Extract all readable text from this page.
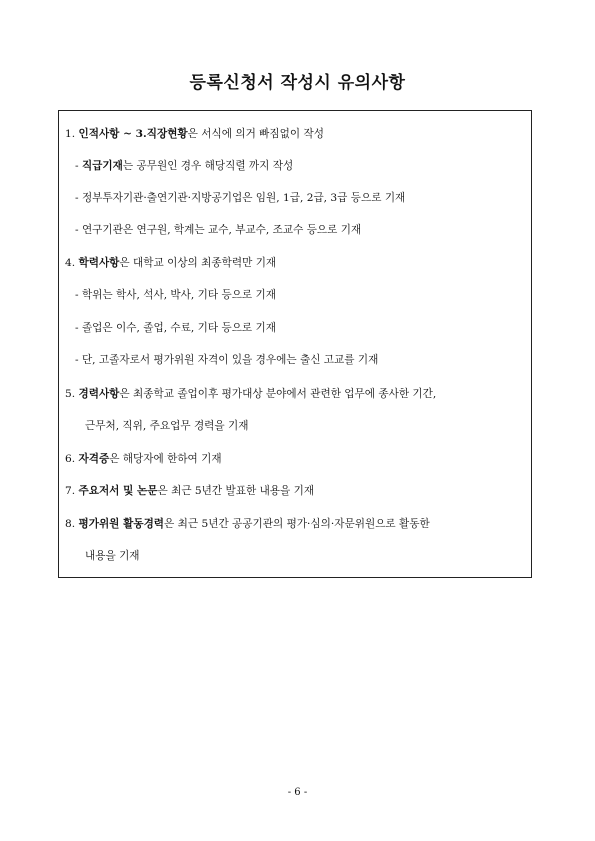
등록신청서 작성시 유의사항
1. 인적사항 ~ 3.직장현황은 서식에 의거 빠짐없이 작성
- 직급기재는 공무원인 경우 해당직렬 까지 작성
- 정부투자기관·출연기관·지방공기업은 임원, 1급, 2급, 3급 등으로 기재
- 연구기관은 연구원, 학계는 교수, 부교수, 조교수 등으로 기재
4. 학력사항은 대학교 이상의 최종학력만 기재
- 학위는 학사, 석사, 박사, 기타 등으로 기재
- 졸업은 이수, 졸업, 수료, 기타 등으로 기재
- 단, 고졸자로서 평가위원 자격이 있을 경우에는 출신 고교를 기재
5. 경력사항은 최종학교 졸업이후 평가대상 분야에서 관련한 업무에 종사한 기간,
근무처, 직위, 주요업무 경력을 기재
6. 자격증은 해당자에 한하여 기재
7. 주요저서 및 논문은 최근 5년간 발표한 내용을 기재
8. 평가위원 활동경력은 최근 5년간 공공기관의 평가·심의·자문위원으로 활동한
내용을 기재
- 6 -
